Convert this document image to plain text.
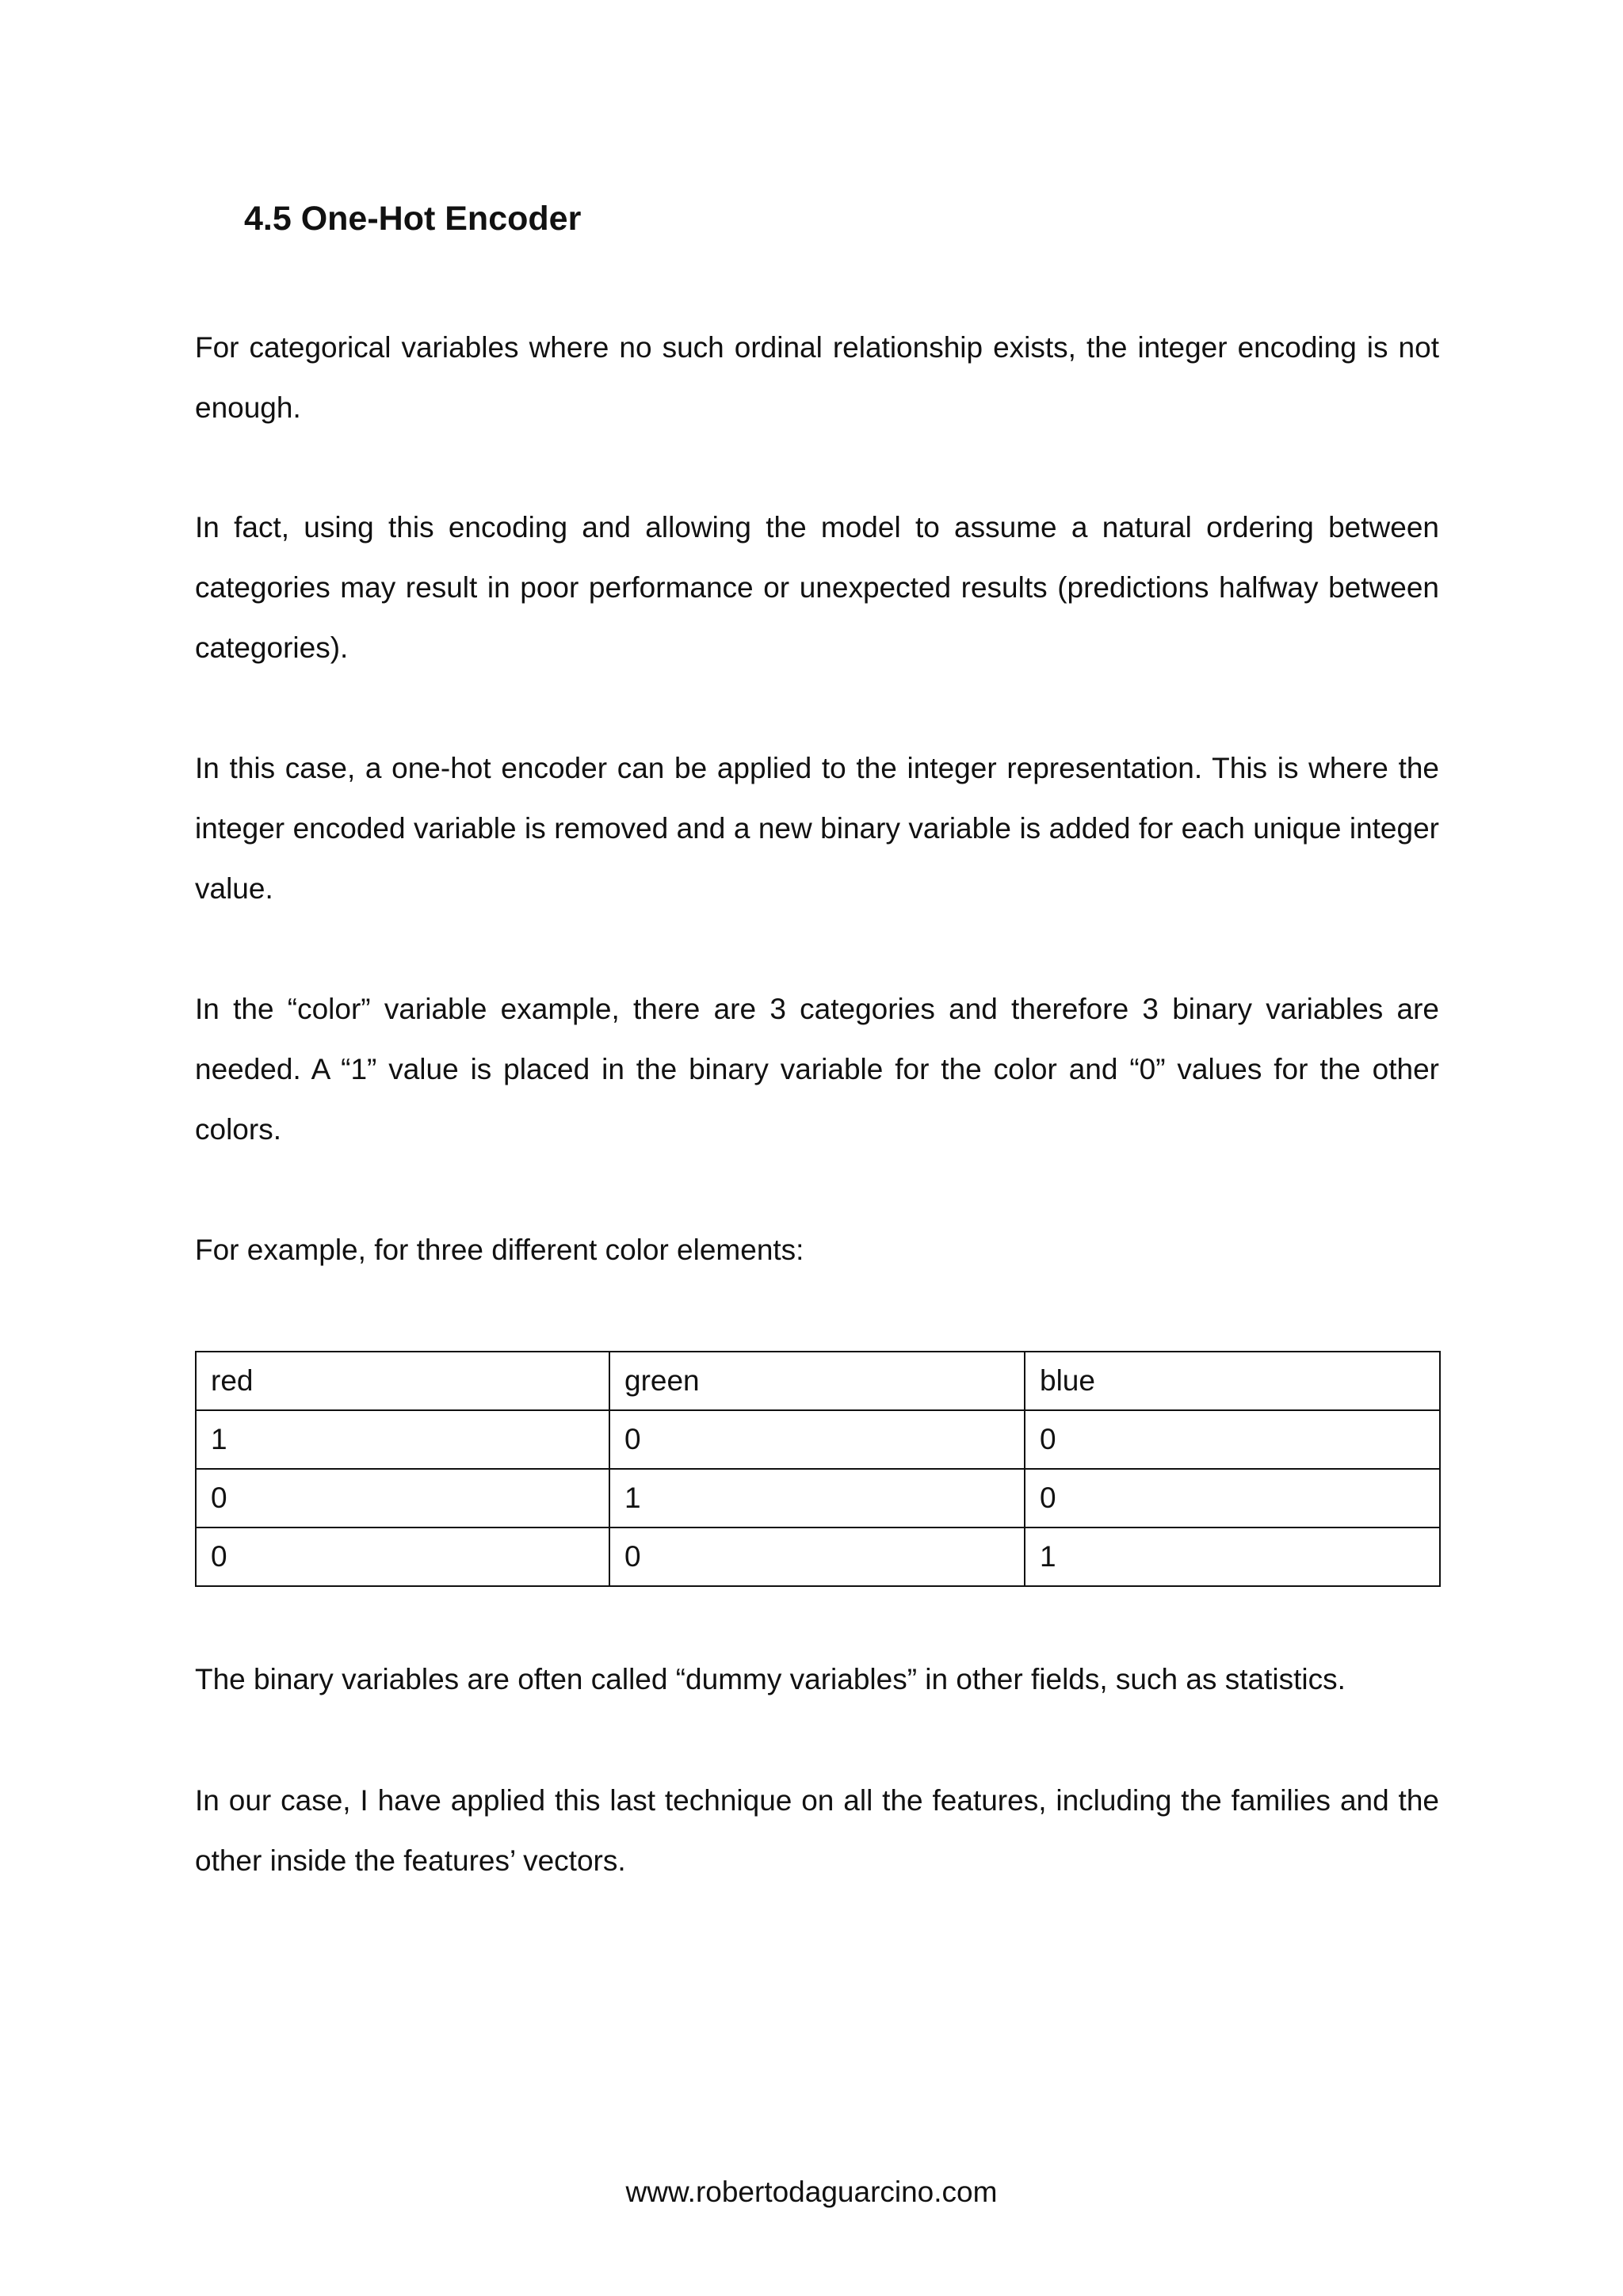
4.5 One-Hot Encoder

For categorical variables where no such ordinal relationship exists, the integer encoding is not enough.

In fact, using this encoding and allowing the model to assume a natural ordering between categories may result in poor performance or unexpected results (predictions halfway between categories).

In this case, a one-hot encoder can be applied to the integer representation. This is where the integer encoded variable is removed and a new binary variable is added for each unique integer value.

In the “color” variable example, there are 3 categories and therefore 3 binary variables are needed. A “1” value is placed in the binary variable for the color and “0” values for the other colors.

For example, for three different color elements:

red	green	blue
1	0	0
0	1	0
0	0	1

The binary variables are often called “dummy variables” in other fields, such as statistics.

In our case, I have applied this last technique on all the features, including the families and the other inside the features’ vectors.

www.robertodaguarcino.com
